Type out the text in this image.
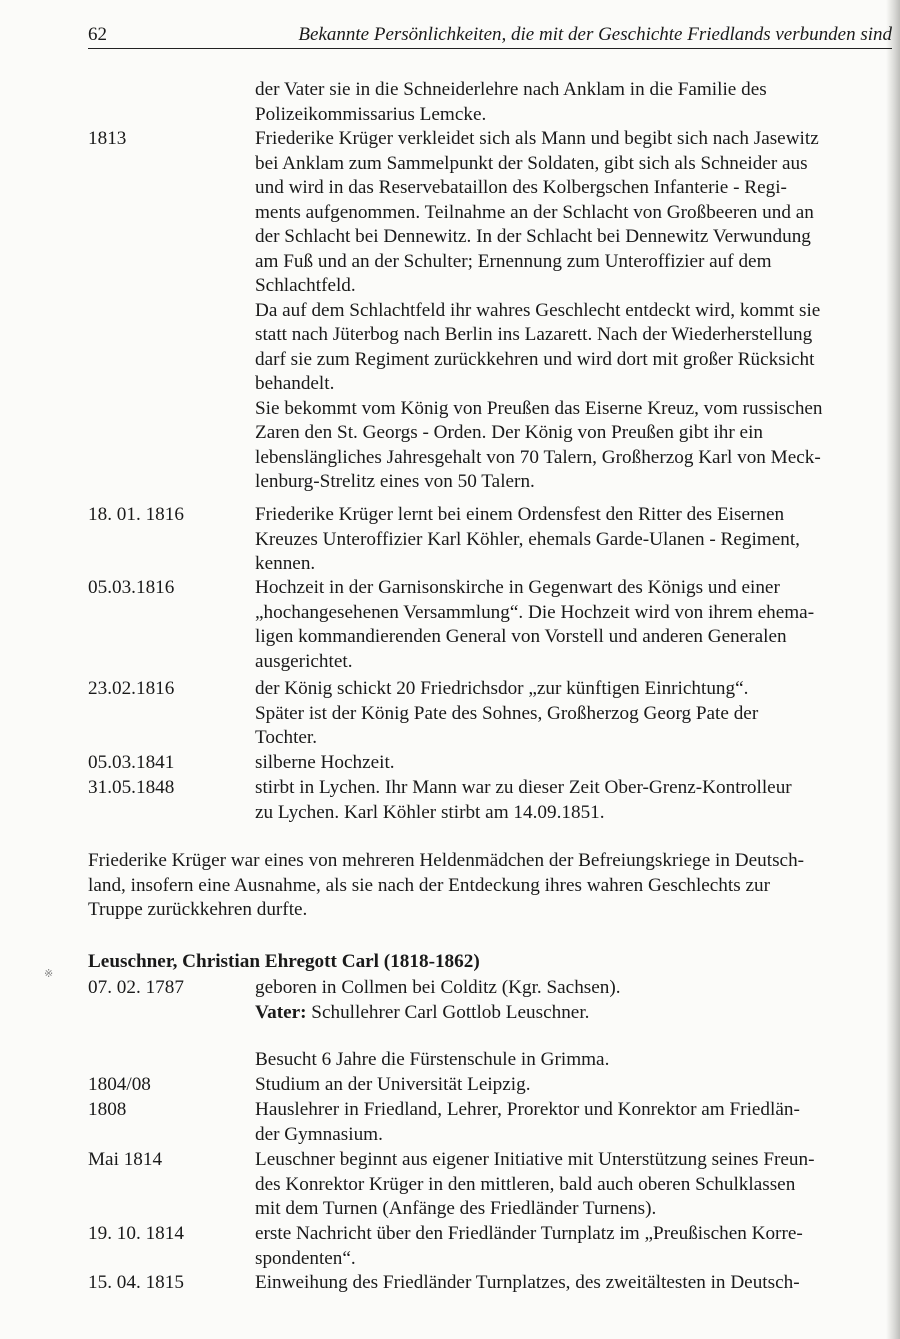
62	Bekannte Persönlichkeiten, die mit der Geschichte Friedlands verbunden sind
der Vater sie in die Schneiderlehre nach Anklam in die Familie des
Polizeikommissarius Lemcke.
1813	Friederike Krüger verkleidet sich als Mann und begibt sich nach Jasewitz
bei Anklam zum Sammelpunkt der Soldaten, gibt sich als Schneider aus
und wird in das Reservebataillon des Kolbergschen Infanterie - Regi-
ments aufgenommen. Teilnahme an der Schlacht von Großbeeren und an
der Schlacht bei Dennewitz. In der Schlacht bei Dennewitz Verwundung
am Fuß und an der Schulter; Ernennung zum Unteroffizier auf dem
Schlachtfeld.
Da auf dem Schlachtfeld ihr wahres Geschlecht entdeckt wird, kommt sie
statt nach Jüterbog nach Berlin ins Lazarett. Nach der Wiederherstellung
darf sie zum Regiment zurückkehren und wird dort mit großer Rücksicht
behandelt.
Sie bekommt vom König von Preußen das Eiserne Kreuz, vom russischen
Zaren den St. Georgs - Orden. Der König von Preußen gibt ihr ein
lebenslängliches Jahresgehalt von 70 Talern, Großherzog Karl von Meck-
lenburg-Strelitz eines von 50 Talern.
18. 01. 1816	Friederike Krüger lernt bei einem Ordensfest den Ritter des Eisernen
Kreuzes Unteroffizier Karl Köhler, ehemals Garde-Ulanen - Regiment,
kennen.
05.03.1816	Hochzeit in der Garnisonskirche in Gegenwart des Königs und einer
„hochangesehenen Versammlung“. Die Hochzeit wird von ihrem ehema-
ligen kommandierenden General von Vorstell und anderen Generalen
ausgerichtet.
23.02.1816	der König schickt 20 Friedrichsdor „zur künftigen Einrichtung“.
Später ist der König Pate des Sohnes, Großherzog Georg Pate der
Tochter.
05.03.1841	silberne Hochzeit.
31.05.1848	stirbt in Lychen. Ihr Mann war zu dieser Zeit Ober-Grenz-Kontrolleur
zu Lychen. Karl Köhler stirbt am 14.09.1851.
Friederike Krüger war eines von mehreren Heldenmädchen der Befreiungskriege in Deutsch-
land, insofern eine Ausnahme, als sie nach der Entdeckung ihres wahren Geschlechts zur
Truppe zurückkehren durfte.
※
Leuschner, Christian Ehregott Carl (1818-1862)
07. 02. 1787	geboren in Collmen bei Colditz (Kgr. Sachsen).
Vater: Schullehrer Carl Gottlob Leuschner.
Besucht 6 Jahre die Fürstenschule in Grimma.
1804/08	Studium an der Universität Leipzig.
1808	Hauslehrer in Friedland, Lehrer, Prorektor und Konrektor am Friedlän-
der Gymnasium.
Mai 1814	Leuschner beginnt aus eigener Initiative mit Unterstützung seines Freun-
des Konrektor Krüger in den mittleren, bald auch oberen Schulklassen
mit dem Turnen (Anfänge des Friedländer Turnens).
19. 10. 1814	erste Nachricht über den Friedländer Turnplatz im „Preußischen Korre-
spondenten“.
15. 04. 1815	Einweihung des Friedländer Turnplatzes, des zweitältesten in Deutsch-
